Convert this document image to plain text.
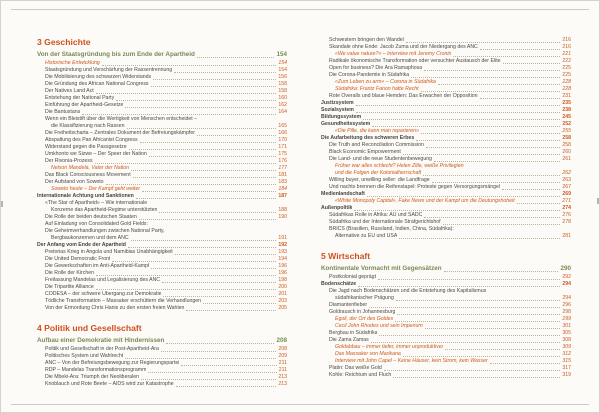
3 Geschichte
Von der Staatsgründung bis zum Ende der Apartheid	154
Historische Entwicklung	154
Staatsgründung und Verschärfung der Rassentrennung	154
Die Mobilisierung des schwarzen Widerstands	156
Die Gründung des African National Congress	158
Der Natives Land Act	158
Entstehung der National Party	160
Einführung der Apartheid-Gesetze	162
Die Bantustans	164
Wenn ein Bleistift über die Wertigkeit von Menschen entscheidet –
die Klassifizierung nach Rassen	165
Die Freiheitscharta – Zentrales Dokument der Befreiungskämpfer	166
Abspaltung des Pan Africanist Congress	170
Widerstand gegen die Passgesetze	171
Umkhonto we Sizwe – Der Speer der Nation	175
Der Rivonia-Prozess	176
Nelson Mandela, Vater der Nation	177
Das Black Consciousness Movement	181
Der Aufstand von Soweto	183
Soweto heute – Der Kampf geht weiter	184
Internationale Ächtung und Sanktionen	187
«The Star of Apartheid» – Wie internationale
Konzerne das Apartheid-Regime unterstützten	188
Die Rolle der beiden deutschen Staaten	190
Auf Einladung von Consolidated Gold Fields:
Die Geheimverhandlungen zwischen National Party,
Bergbaukonzernen und dem ANC	191
Der Anfang vom Ende der Apartheid	192
Pretorias Krieg in Angola und Namibias Unabhängigkeit	193
Die United Democratic Front	194
Die Gewerkschaften im Anti-Apartheid-Kampf	196
Die Rolle der Kirchen	196
Freilassung Mandelas und Legalisierung des ANC	198
Die Tripartite Alliance	200
CODESA – der schwere Übergang zur Demokratie	201
Tödliche Transformation – Massaker erschüttern die Verhandlungen	203
Von der Ermordung Chris Hanis zu den ersten freien Wahlen	205
4 Politik und Gesellschaft
Aufbau einer Demokratie mit Hindernissen	208
Politik und Gesellschaft in der Post-Apartheid-Ära	208
Politisches System und Wahlrecht	209
ANC – Von der Befreiungsbewegung zur Regierungspartei	211
RDP – Mandelas Transformationsprogramm	211
Die Mbeki-Ära: Triumph der Neoliberalen	213
Knoblauch und Rote Beete – AIDS wird zur Katastrophe	213
Schwestern bringen den Wandel	216
Skandale ohne Ende: Jacob Zuma und der Niedergang des ANC	216
«We value nature?» – Interview mit Jeremy Cronin	221
Radikale ökonomische Transformation oder versuchter Austausch der Elite	222
Open for business? Die Ära Ramaphosa	225
Die Corona-Pandemie in Südafrika	225
«Zum Leben zu arm» – Corona in Südafrika	228
Südafrika: Frantz Fanon hatte Recht	228
Rote Overalls und blaue Hemden: Das Erwachen der Opposition	231
Justizsystem	235
Sozialsystem	238
Bildungssystem	245
Gesundheitssystem	252
«Die Pille, die kann man reparieren»	255
Die Aufarbeitung des schweren Erbes	258
Die Truth and Reconciliation Commission	258
Black Economic Empowerment	260
Die Land- und die neue Studentenbewegung	261
Früher war alles schlecht? Helen Zille, weiße Privilegien
und die Folgen der Kolonialherrschaft	262
Willing buyer, unwilling seller: die Landfrage	263
Und nachts brennen die Reifenstapel: Proteste gegen Versorgungsmängel	267
Medienlandschaft	269
«White Monopoly Capital», Fake News und der Kampf um die Deutungshoheit	271
Außenpolitik	274
Südafrikas Rolle in Afrika: AU und SADC	276
Südafrika und der Internationale Strafgerichtshof	278
BRICS (Brasilien, Russland, Indien, China, Südafrika):
Alternative zu EU und USA	281
5 Wirtschaft
Kontinentale Vormacht mit Gegensätzen	290
Postkolonial geprägt	292
Bodenschätze	294
Die Jagd nach Bodenschätzen und die Entstehung des Kapitalismus
südafrikanischer Prägung	294
Diamantenfieber	296
Goldrausch in Johannesburg	298
Egoli, der Ort des Goldes	299
Cecil John Rhodes und sein Imperium	301
Bergbau in Südafrika	305
Die Zama Zamas	308
Goldabbau – immer tiefer, immer unproduktiver	309
Das Massaker von Marikana	312
Interview mit John Capel – Keine Häuser, kein Strom, kein Wasser	315
Platin: Das weiße Gold	317
Kohle: Reichtum und Fluch	319
